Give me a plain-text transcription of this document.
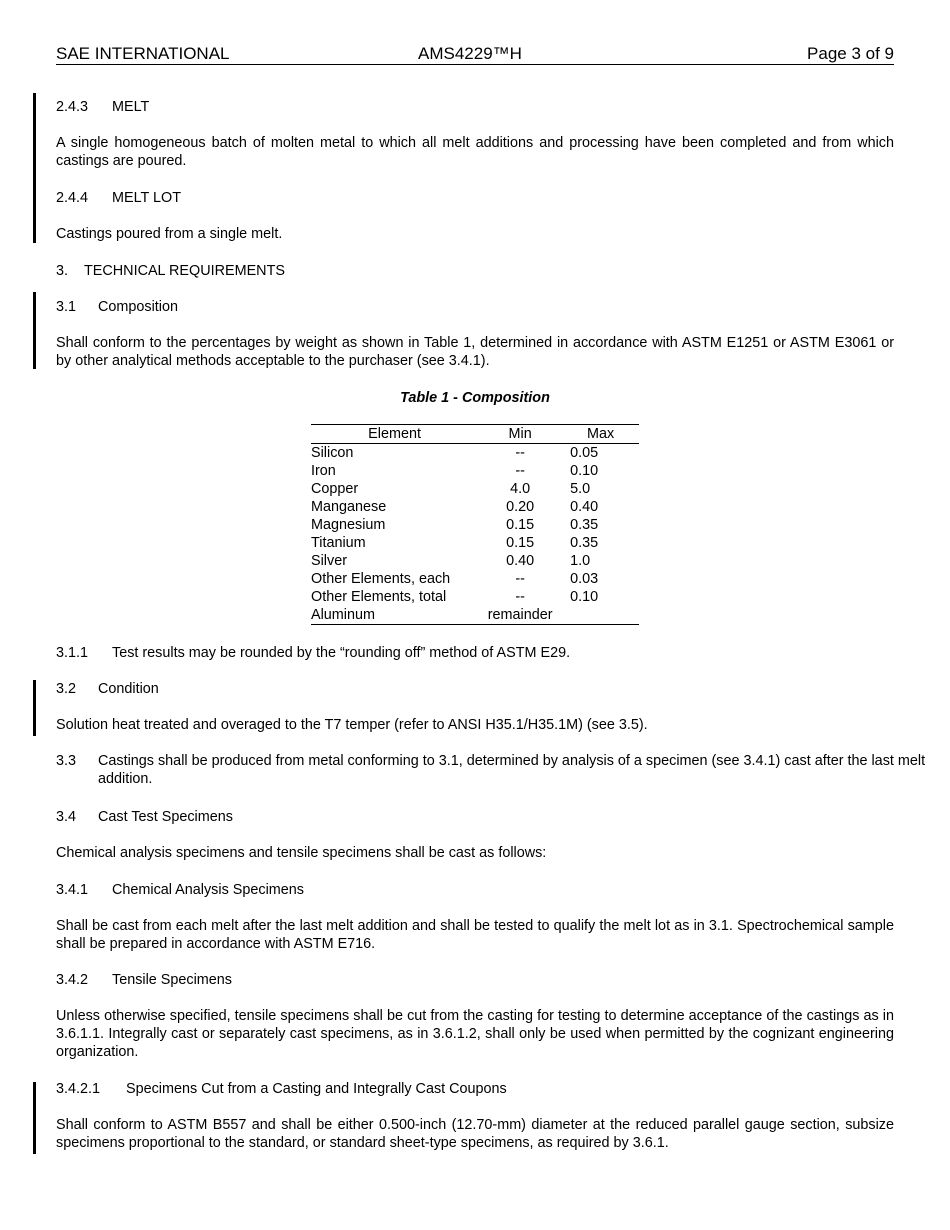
SAE INTERNATIONAL	AMS4229™H	Page 3 of 9

2.4.3 MELT

A single homogeneous batch of molten metal to which all melt additions and processing have been completed and from which castings are poured.

2.4.4 MELT LOT

Castings poured from a single melt.

3. TECHNICAL REQUIREMENTS

3.1 Composition

Shall conform to the percentages by weight as shown in Table 1, determined in accordance with ASTM E1251 or ASTM E3061 or by other analytical methods acceptable to the purchaser (see 3.4.1).

Table 1 - Composition
Element	Min	Max
Silicon	--	0.05
Iron	--	0.10
Copper	4.0	5.0
Manganese	0.20	0.40
Magnesium	0.15	0.35
Titanium	0.15	0.35
Silver	0.40	1.0
Other Elements, each	--	0.03
Other Elements, total	--	0.10
Aluminum	remainder	

3.1.1 Test results may be rounded by the “rounding off” method of ASTM E29.

3.2 Condition

Solution heat treated and overaged to the T7 temper (refer to ANSI H35.1/H35.1M) (see 3.5).

3.3 Castings shall be produced from metal conforming to 3.1, determined by analysis of a specimen (see 3.4.1) cast after the last melt addition.

3.4 Cast Test Specimens

Chemical analysis specimens and tensile specimens shall be cast as follows:

3.4.1 Chemical Analysis Specimens

Shall be cast from each melt after the last melt addition and shall be tested to qualify the melt lot as in 3.1. Spectrochemical sample shall be prepared in accordance with ASTM E716.

3.4.2 Tensile Specimens

Unless otherwise specified, tensile specimens shall be cut from the casting for testing to determine acceptance of the castings as in 3.6.1.1. Integrally cast or separately cast specimens, as in 3.6.1.2, shall only be used when permitted by the cognizant engineering organization.

3.4.2.1 Specimens Cut from a Casting and Integrally Cast Coupons

Shall conform to ASTM B557 and shall be either 0.500-inch (12.70-mm) diameter at the reduced parallel gauge section, subsize specimens proportional to the standard, or standard sheet-type specimens, as required by 3.6.1.
